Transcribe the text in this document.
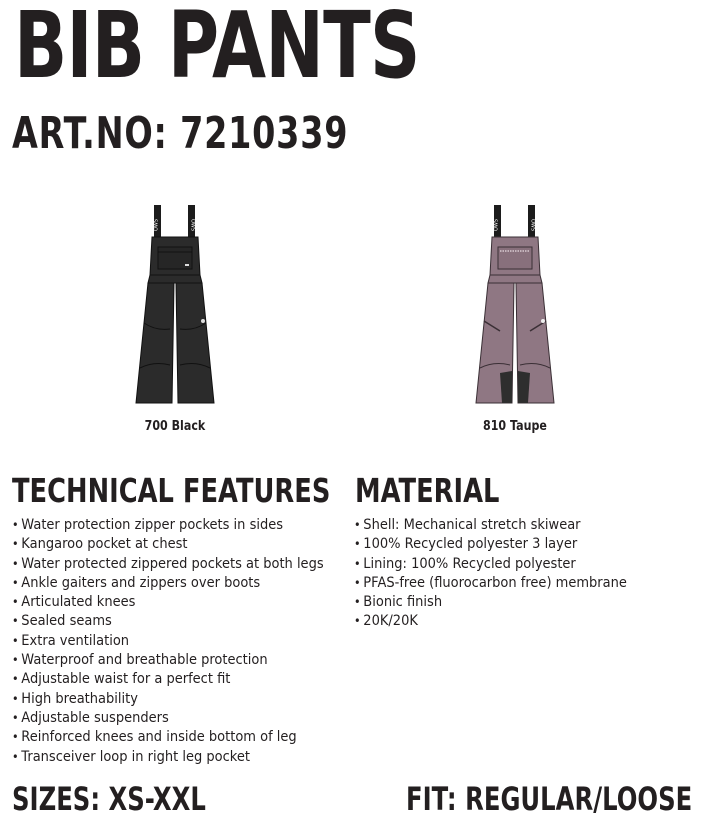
BIB PANTS
ART.NO: 7210339
OWS	OWS
700 Black
OWS	OWS
810 Taupe
TECHNICAL FEATURES
• Water protection zipper pockets in sides
• Kangaroo pocket at chest
• Water protected zippered pockets at both legs
• Ankle gaiters and zippers over boots
• Articulated knees
• Sealed seams
• Extra ventilation
• Waterproof and breathable protection
• Adjustable waist for a perfect fit
• High breathability
• Adjustable suspenders
• Reinforced knees and inside bottom of leg
• Transceiver loop in right leg pocket
MATERIAL
• Shell: Mechanical stretch skiwear
• 100% Recycled polyester 3 layer
• Lining: 100% Recycled polyester
• PFAS-free (fluorocarbon free) membrane
• Bionic finish
• 20K/20K
SIZES: XS-XXL	FIT: REGULAR/LOOSE
